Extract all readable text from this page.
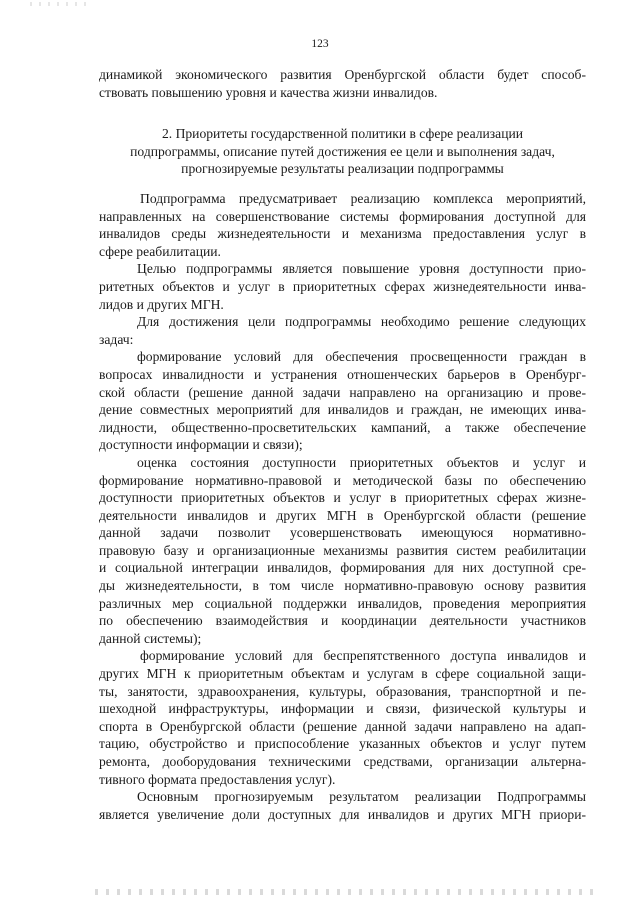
123
динамикой экономического развития Оренбургской области будет способ-
ствовать повышению уровня и качества жизни инвалидов.
2. Приоритеты государственной политики в сфере реализации
подпрограммы, описание путей достижения ее цели и выполнения задач,
прогнозируемые результаты реализации подпрограммы
Подпрограмма предусматривает реализацию комплекса мероприятий,
направленных на совершенствование системы формирования доступной для
инвалидов среды жизнедеятельности и механизма предоставления услуг в
сфере реабилитации.
Целью подпрограммы является повышение уровня доступности прио-
ритетных объектов и услуг в приоритетных сферах жизнедеятельности инва-
лидов и других МГН.
Для достижения цели подпрограммы необходимо решение следующих
задач:
формирование условий для обеспечения просвещенности граждан в
вопросах инвалидности и устранения отношенческих барьеров в Оренбург-
ской области (решение данной задачи направлено на организацию и прове-
дение совместных мероприятий для инвалидов и граждан, не имеющих инва-
лидности, общественно-просветительских кампаний, а также обеспечение
доступности информации и связи);
оценка состояния доступности приоритетных объектов и услуг и
формирование нормативно-правовой и методической базы по обеспечению
доступности приоритетных объектов и услуг в приоритетных сферах жизне-
деятельности инвалидов и других МГН в Оренбургской области (решение
данной задачи позволит усовершенствовать имеющуюся нормативно-
правовую базу и организационные механизмы развития систем реабилитации
и социальной интеграции инвалидов, формирования для них доступной сре-
ды жизнедеятельности, в том числе нормативно-правовую основу развития
различных мер социальной поддержки инвалидов, проведения мероприятия
по обеспечению взаимодействия и координации деятельности участников
данной системы);
формирование условий для беспрепятственного доступа инвалидов и
других МГН к приоритетным объектам и услугам в сфере социальной защи-
ты, занятости, здравоохранения, культуры, образования, транспортной и пе-
шеходной инфраструктуры, информации и связи, физической культуры и
спорта в Оренбургской области (решение данной задачи направлено на адап-
тацию, обустройство и приспособление указанных объектов и услуг путем
ремонта, дооборудования техническими средствами, организации альтерна-
тивного формата предоставления услуг).
Основным прогнозируемым результатом реализации Подпрограммы
является увеличение доли доступных для инвалидов и других МГН приори-
